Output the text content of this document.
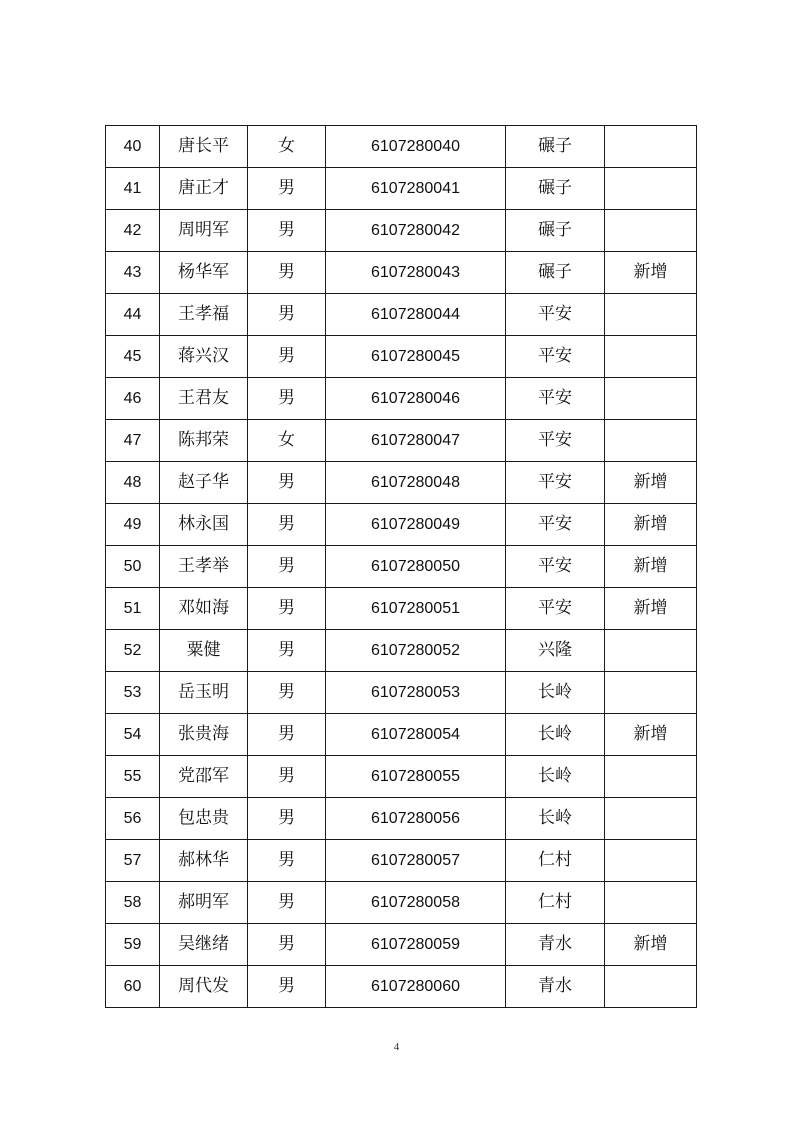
40	唐长平	女	6107280040	碾子	
41	唐正才	男	6107280041	碾子	
42	周明军	男	6107280042	碾子	
43	杨华军	男	6107280043	碾子	新增
44	王孝福	男	6107280044	平安	
45	蒋兴汉	男	6107280045	平安	
46	王君友	男	6107280046	平安	
47	陈邦荣	女	6107280047	平安	
48	赵子华	男	6107280048	平安	新增
49	林永国	男	6107280049	平安	新增
50	王孝举	男	6107280050	平安	新增
51	邓如海	男	6107280051	平安	新增
52	粟健	男	6107280052	兴隆	
53	岳玉明	男	6107280053	长岭	
54	张贵海	男	6107280054	长岭	新增
55	党邵军	男	6107280055	长岭	
56	包忠贵	男	6107280056	长岭	
57	郝林华	男	6107280057	仁村	
58	郝明军	男	6107280058	仁村	
59	吴继绪	男	6107280059	青水	新增
60	周代发	男	6107280060	青水	
4
